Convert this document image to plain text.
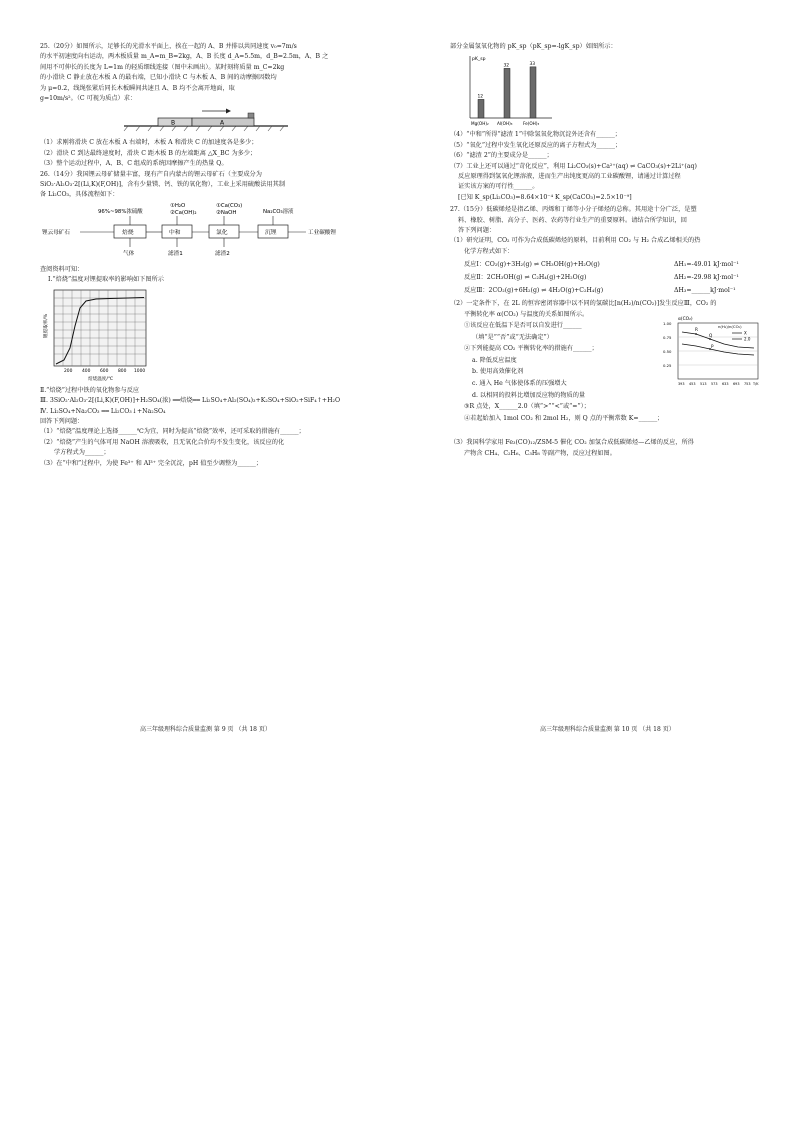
25.（20分）如图所示，足够长的光滑水平面上，挨在一起的 A、B 并排以共同速度 v₀=7m/s

的水平初速度向右运动，两木板质量 m_A=m_B=2kg，A、B 长度 d_A=5.5m，d_B=2.5m，A、B 之

间用不可伸长的长度为 L=1m 的轻质细线连接（图中未画出）。某时刻将质量 m_C=2kg

的小滑块 C 静止放在木板 A 的最右端，已知小滑块 C 与木板 A、B 间的动摩擦因数均

为 μ=0.2，线绳张紧后同长木板瞬间共速且 A、B 均不会离开地面，取

g=10m/s²。（C 可视为质点）求：

B	A

（1）求刚将滑块 C 放在木板 A 右端时，木板 A 和滑块 C 的加速度各是多少；

（2）滑块 C 到达最终速度时，滑块 C 距木板 B 的左端距离 △X_BC 为多少；

（3）整个运动过程中，A、B、C 组成的系统因摩擦产生的热量 Q。

26.（14分）我国锂云母矿储量丰富，现有产自内蒙古的锂云母矿石（主要成分为

SiO₂·Al₂O₃·2[(Li,K)(F,OH)]，含有少量镁、钙、铁的氧化物），工业上采用硫酸法用其制

备 Li₂CO₃，具体流程如下：

96%~98%浓硫酸
①H₂O
②Ca(OH)₂
①Ca(CO₃)
②NaOH	Na₂CO₃溶液
锂云母矿石	焙烧	中和	氯化	沉锂	工业碳酸锂
气体	滤渣1	滤渣2

查阅资料可知：

Ⅰ.“焙烧”温度对锂提取率的影响如下图所示

锂提取率/%
200 400 600 800 1000
焙烧温度/℃

Ⅱ.“焙烧”过程中铁的氧化物参与反应

Ⅲ. 3SiO₂·Al₂O₃·2[(Li,K)(F,OH)]+H₂SO₄(浓) ══焙烧══ Li₂SO₄+Al₂(SO₄)₃+K₂SO₄+SiO₂+SiF₄↑+H₂O

Ⅳ. Li₂SO₄+Na₂CO₃ ══ Li₂CO₃↓+Na₂SO₄

回答下列问题：

（1）“焙烧”温度理论上选择______℃为宜，同时为提高“焙烧”效率，还可采取的措施有______；

（2）“焙烧”产生的气体可用 NaOH 溶液吸收，且无氧化合价均不发生变化，该反应的化

学方程式为______；

（3）在“中和”过程中，为使 Fe³⁺ 和 Al³⁺ 完全沉淀，pH 值至少调整为______；

高三年级理科综合质量监测 第 9 页 （共 18 页）

部分金属氢氧化物的 pK_sp（pK_sp=-lgK_sp）如图所示：

pK_sp
12
32	33
Mg(OH)₂ Al(OH)₃	Fe(OH)₃

（4）“中和”所得“滤渣 1”中除氢氧化物沉淀外还含有______；

（5）“氧化”过程中发生氧化还原反应的离子方程式为______；

（6）“滤渣 2”的主要成分是______；

（7）工业上还可以通过“苛化反应”，利用 Li₂CO₃(s)+Ca²⁺(aq) ⇌ CaCO₃(s)+2Li⁺(aq)

反应原理得到氢氧化锂溶液，进而生产出纯度更高的工业碳酸锂，请通过计算过程

证实该方案的可行性______。

[已知 K_sp(Li₂CO₃)=8.64×10⁻⁴ K_sp(CaCO₃)=2.5×10⁻⁹]

27.（15分）低碳烯烃是指乙烯、丙烯和丁烯等小分子烯烃的总称。其用途十分广泛，是塑

料、橡胶、树脂、高分子、医药、农药等行业生产的重要原料。请结合所学知识，回

答下列问题：

（1）研究证明，CO₂ 可作为合成低碳烯烃的原料，目前利用 CO₂ 与 H₂ 合成乙烯相关的热

化学方程式如下：

反应Ⅰ：CO₂(g)+3H₂(g) ⇌ CH₃OH(g)+H₂O(g)	ΔH₁=-49.01 kJ·mol⁻¹
反应Ⅱ：2CH₃OH(g) ⇌ C₂H₄(g)+2H₂O(g)	ΔH₂=-29.98 kJ·mol⁻¹
反应Ⅲ：2CO₂(g)+6H₂(g) ⇌ 4H₂O(g)+C₂H₄(g)	ΔH₃=______kJ·mol⁻¹

（2）一定条件下，在 2L 的恒容密闭容器中以不同的氢碳比[n(H₂)/n(CO₂)]发生反应Ⅲ，CO₂ 的

平衡转化率 α(CO₂) 与温度的关系如图所示。

①该反应在低温下是否可以自发进行______

（填“是”“否”或“无法确定”）

②下列能提高 CO₂ 平衡转化率的措施有______；

a. 降低反应温度

b. 使用高效催化剂

c. 通入 He 气体使体系的压强增大

d. 以相同的投料比增加反应物的物质的量

③R 点处，X______2.0（填“>”“<”或“=”）；

④若起始加入 1mol CO₂ 和 2mol H₂，则 Q 点的平衡常数 K=______；

α(CO₂)
1.00
0.75
0.50
0.25
R
Q
P
n(H₂)/n(CO₂)
X
2.0
393 453 513 573 633 693 753 T/K

（3）我国科学家用 Fe₃(CO)₁₂/ZSM-5 催化 CO₂ 加氢合成低碳烯烃—乙烯的反应，所得

产物含 CH₄、C₂H₆、C₃H₈ 等副产物，反应过程如图。

高三年级理科综合质量监测 第 10 页 （共 18 页）
